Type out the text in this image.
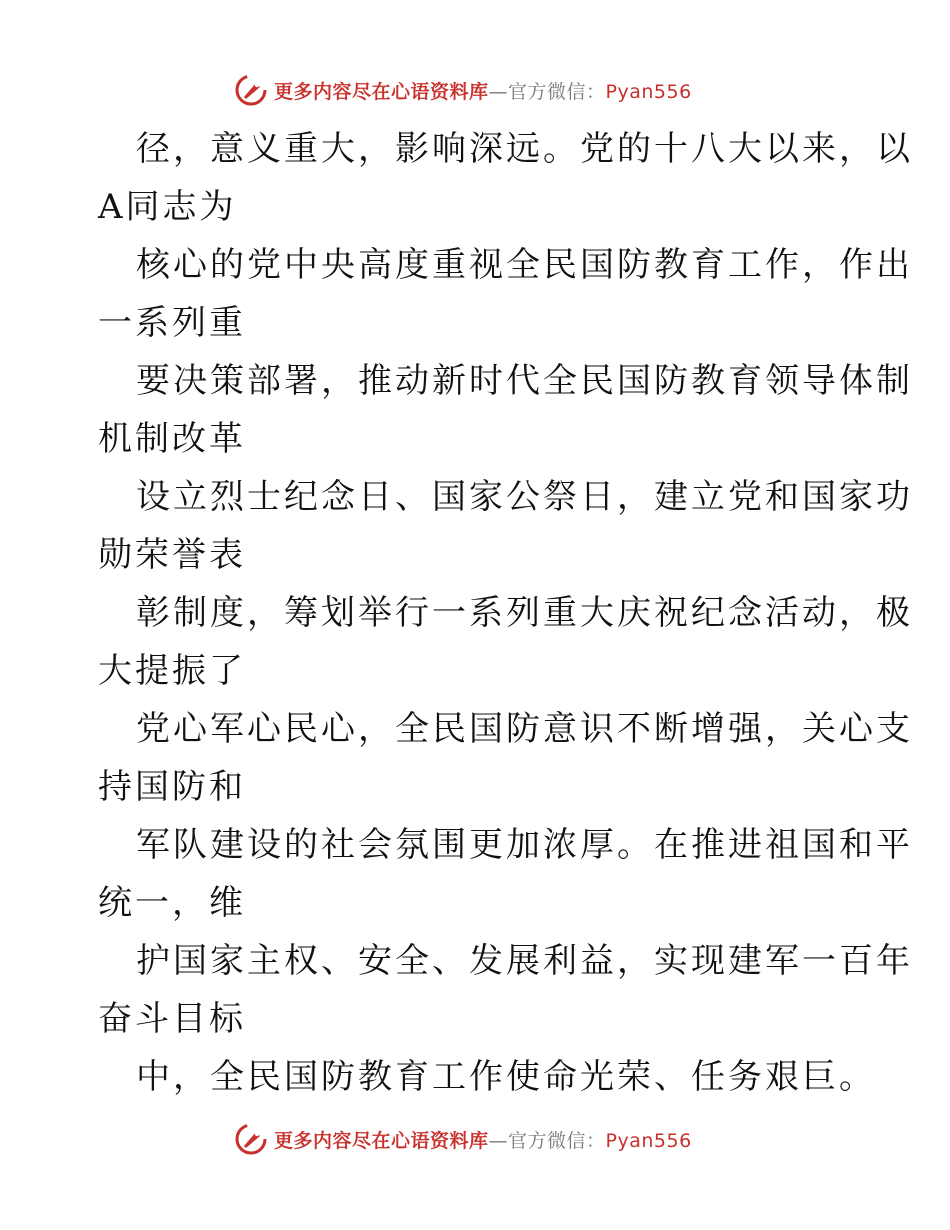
更多内容尽在心语资料库—官方微信：Pyan556
径，意义重大，影响深远。党的十八大以来，以
A同志为
核心的党中央高度重视全民国防教育工作，作出
一系列重
要决策部署，推动新时代全民国防教育领导体制
机制改革
设立烈士纪念日、国家公祭日，建立党和国家功
勋荣誉表
彰制度，筹划举行一系列重大庆祝纪念活动，极
大提振了
党心军心民心，全民国防意识不断增强，关心支
持国防和
军队建设的社会氛围更加浓厚。在推进祖国和平
统一，维
护国家主权、安全、发展利益，实现建军一百年
奋斗目标
中，全民国防教育工作使命光荣、任务艰巨。
更多内容尽在心语资料库—官方微信：Pyan556
